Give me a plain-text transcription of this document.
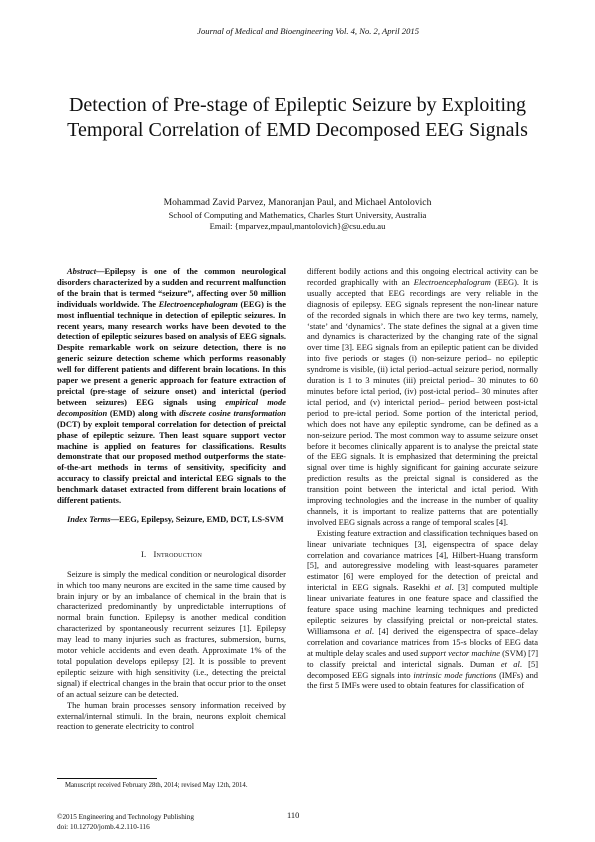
Journal of Medical and Bioengineering Vol. 4, No. 2, April 2015
Detection of Pre-stage of Epileptic Seizure by Exploiting Temporal Correlation of EMD Decomposed EEG Signals
Mohammad Zavid Parvez, Manoranjan Paul, and Michael Antolovich
School of Computing and Mathematics, Charles Sturt University, Australia
Email: {mparvez,mpaul,mantolovich}@csu.edu.au

Abstract—Epilepsy is one of the common neurological disorders characterized by a sudden and recurrent malfunction of the brain that is termed “seizure”, affecting over 50 million individuals worldwide. The Electroencephalogram (EEG) is the most influential technique in detection of epileptic seizures. In recent years, many research works have been devoted to the detection of epileptic seizures based on analysis of EEG signals. Despite remarkable work on seizure detection, there is no generic seizure detection scheme which performs reasonably well for different patients and different brain locations. In this paper we present a generic approach for feature extraction of preictal (pre-stage of seizure onset) and interictal (period between seizures) EEG signals using empirical mode decomposition (EMD) along with discrete cosine transformation (DCT) by exploit temporal correlation for detection of preictal phase of epileptic seizure. Then least square support vector machine is applied on features for classifications. Results demonstrate that our proposed method outperforms the state-of-the-art methods in terms of sensitivity, specificity and accuracy to classify preictal and interictal EEG signals to the benchmark dataset extracted from different brain locations of different patients.

Index Terms—EEG, Epilepsy, Seizure, EMD, DCT, LS-SVM

I. Introduction

Seizure is simply the medical condition or neurological disorder in which too many neurons are excited in the same time caused by brain injury or by an imbalance of chemical in the brain that is characterized predominantly by unpredictable interruptions of normal brain function. Epilepsy is another medical condition characterized by spontaneously recurrent seizures [1]. Epilepsy may lead to many injuries such as fractures, submersion, burns, motor vehicle accidents and even death. Approximate 1% of the total population develops epilepsy [2]. It is possible to prevent epileptic seizure with high sensitivity (i.e., detecting the preictal signal) if electrical changes in the brain that occur prior to the onset of an actual seizure can be detected.

The human brain processes sensory information received by external/internal stimuli. In the brain, neurons exploit chemical reaction to generate electricity to control

different bodily actions and this ongoing electrical activity can be recorded graphically with an Electroencephalogram (EEG). It is usually accepted that EEG recordings are very reliable in the diagnosis of epilepsy. EEG signals represent the non-linear nature of the recorded signals in which there are two key terms, namely, ‘state’ and ‘dynamics’. The state defines the signal at a given time and dynamics is characterized by the changing rate of the signal over time [3]. EEG signals from an epileptic patient can be divided into five periods or stages (i) non-seizure period– no epileptic syndrome is visible, (ii) ictal period–actual seizure period, normally duration is 1 to 3 minutes (iii) preictal period– 30 minutes to 60 minutes before ictal period, (iv) post-ictal period– 30 minutes after ictal period, and (v) interictal period– period between post-ictal period to pre-ictal period. Some portion of the interictal period, which does not have any epileptic syndrome, can be defined as a non-seizure period. The most common way to assume seizure onset before it becomes clinically apparent is to analyse the preictal state of the EEG signals. It is emphasized that determining the preictal signal over time is highly significant for gaining accurate seizure prediction results as the preictal signal is considered as the transition point between the interictal and ictal period. With improving technologies and the increase in the number of quality channels, it is important to realize patterns that are potentially involved EEG signals across a range of temporal scales [4].

Existing feature extraction and classification techniques based on linear univariate techniques [3], eigenspectra of space delay correlation and covariance matrices [4], Hilbert-Huang transform [5], and autoregressive modeling with least-squares parameter estimator [6] were employed for the detection of preictal and interictal in EEG signals. Rasekhi et al. [3] computed multiple linear univariate features in one feature space and classified the feature space using machine learning techniques and predicted epileptic seizures by classifying preictal or non-preictal states. Williamsona et al. [4] derived the eigenspectra of space–delay correlation and covariance matrices from 15-s blocks of EEG data at multiple delay scales and used support vector machine (SVM) [7] to classify preictal and interictal signals. Duman et al. [5] decomposed EEG signals into intrinsic mode functions (IMFs) and the first 5 IMFs were used to obtain features for classification of

Manuscript received February 28th, 2014; revised May 12th, 2014.
©2015 Engineering and Technology Publishing
doi: 10.12720/jomb.4.2.110-116
110
